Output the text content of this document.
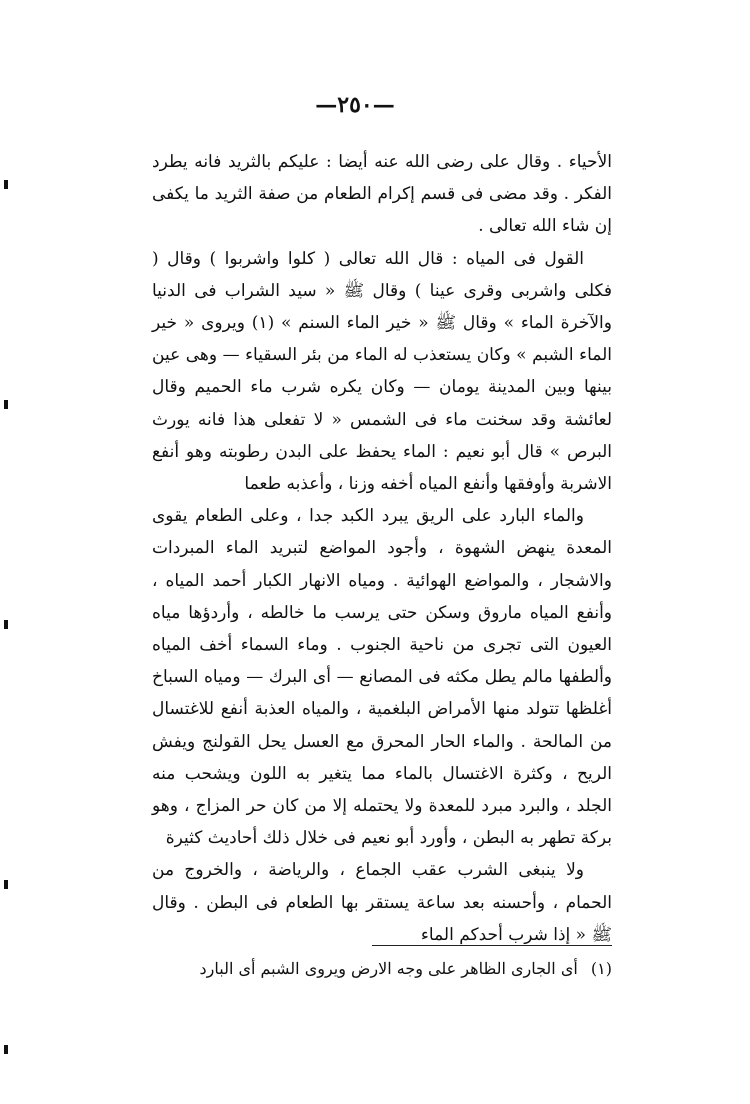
—٢٥٠—

الأحياء . وقال على رضى الله عنه أيضا : عليكم بالثريد فانه يطرد الفكر . وقد مضى فى قسم إكرام الطعام من صفة الثريد ما يكفى إن شاء الله تعالى .

القول فى المياه : قال الله تعالى ( كلوا واشربوا ) وقال ( فكلى واشربى وقرى عينا ) وقال ﷺ « سيد الشراب فى الدنيا والآخرة الماء » وقال ﷺ « خير الماء السنم » (١) ويروى « خير الماء الشبم » وكان يستعذب له الماء من بئر السقياء — وهى عين بينها وبين المدينة يومان — وكان يكره شرب ماء الحميم وقال لعائشة وقد سخنت ماء فى الشمس « لا تفعلى هذا فانه يورث البرص » قال أبو نعيم : الماء يحفظ على البدن رطوبته وهو أنفع الاشربة وأوفقها وأنفع المياه أخفه وزنا ، وأعذبه طعما

والماء البارد على الريق يبرد الكبد جدا ، وعلى الطعام يقوى المعدة ينهض الشهوة ، وأجود المواضع لتبريد الماء المبردات والاشجار ، والمواضع الهوائية . ومياه الانهار الكبار أحمد المياه ، وأنفع المياه ماروق وسكن حتى يرسب ما خالطه ، وأردؤها مياه العيون التى تجرى من ناحية الجنوب . وماء السماء أخف المياه وألطفها مالم يطل مكثه فى المصانع — أى البرك — ومياه السباخ أغلظها تتولد منها الأمراض البلغمية ، والمياه العذبة أنفع للاغتسال من المالحة . والماء الحار المحرق مع العسل يحل القولنج ويفش الريح ، وكثرة الاغتسال بالماء مما يتغير به اللون ويشحب منه الجلد ، والبرد مبرد للمعدة ولا يحتمله إلا من كان حر المزاج ، وهو بركة تطهر به البطن ، وأورد أبو نعيم فى خلال ذلك أحاديث كثيرة

ولا ينبغى الشرب عقب الجماع ، والرياضة ، والخروج من الحمام ، وأحسنه بعد ساعة يستقر بها الطعام فى البطن . وقال ﷺ « إذا شرب أحدكم الماء

(١) أى الجارى الظاهر على وجه الارض ويروى الشبم أى البارد
